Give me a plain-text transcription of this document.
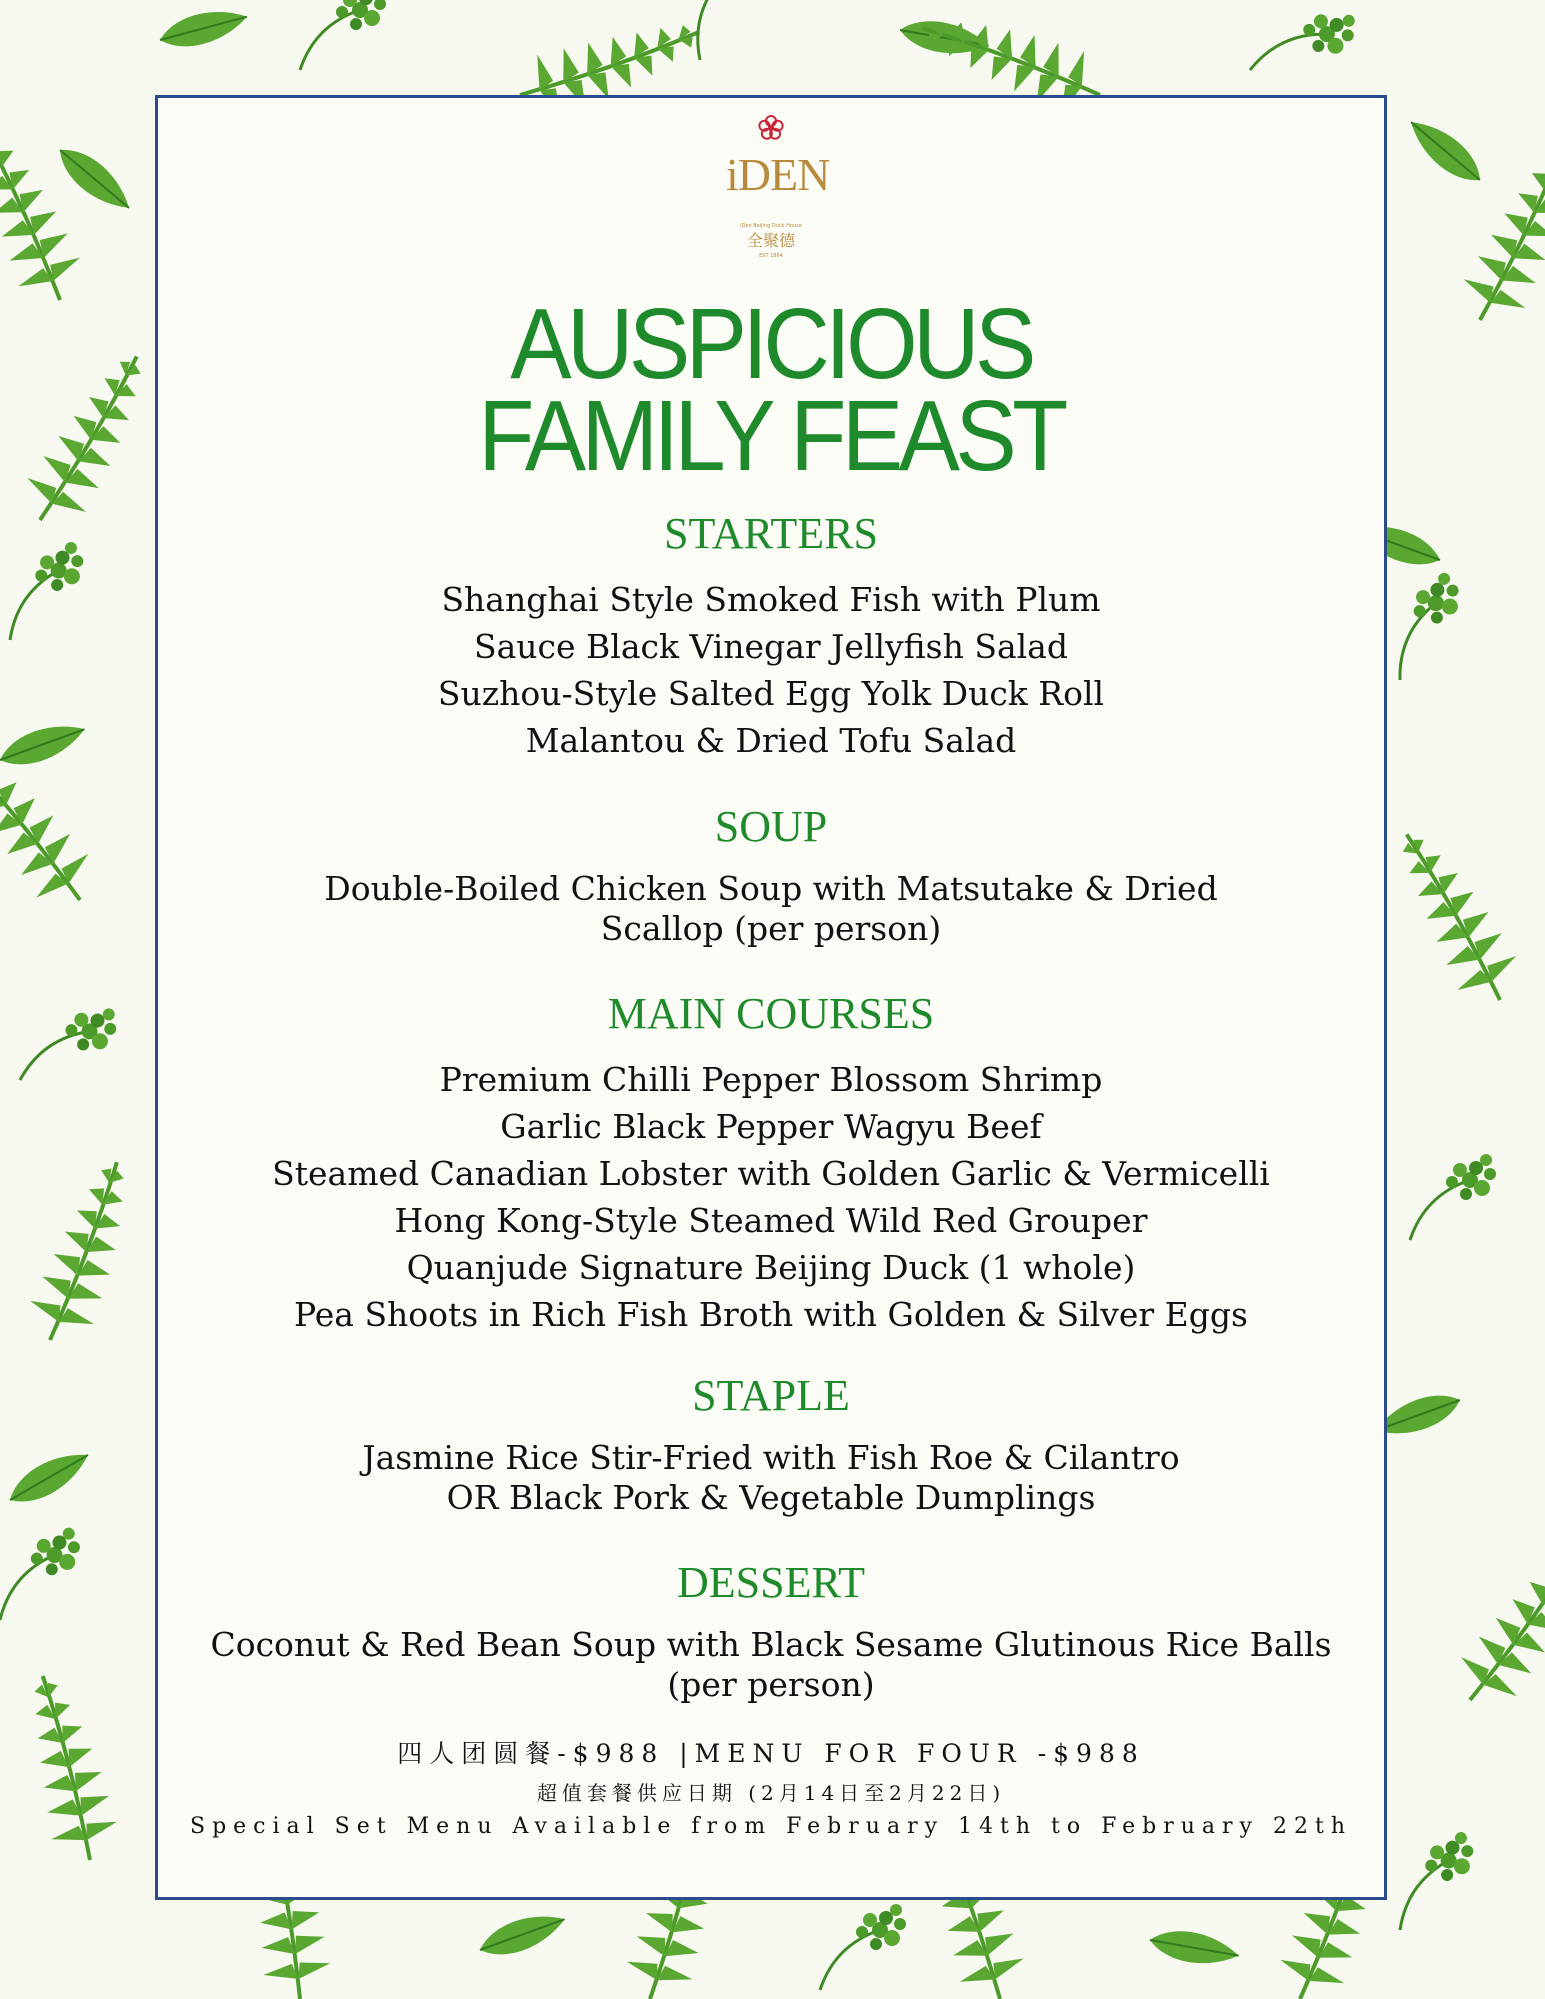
iDEN
iDen Beijing Duck House
全聚德
EST 1864
AUSPICIOUS
FAMILY FEAST
STARTERS
Shanghai Style Smoked Fish with Plum
Sauce Black Vinegar Jellyfish Salad
Suzhou-Style Salted Egg Yolk Duck Roll
Malantou & Dried Tofu Salad
SOUP
Double-Boiled Chicken Soup with Matsutake & Dried
Scallop (per person)
MAIN COURSES
Premium Chilli Pepper Blossom Shrimp
Garlic Black Pepper Wagyu Beef
Steamed Canadian Lobster with Golden Garlic & Vermicelli
Hong Kong-Style Steamed Wild Red Grouper
Quanjude Signature Beijing Duck (1 whole)
Pea Shoots in Rich Fish Broth with Golden & Silver Eggs
STAPLE
Jasmine Rice Stir-Fried with Fish Roe & Cilantro
OR Black Pork & Vegetable Dumplings
DESSERT
Coconut & Red Bean Soup with Black Sesame Glutinous Rice Balls
(per person)
四人团圆餐-$988 |MENU FOR FOUR -$988
超值套餐供应日期 (2月14日至2月22日)
Special Set Menu Available from February 14th to February 22th
